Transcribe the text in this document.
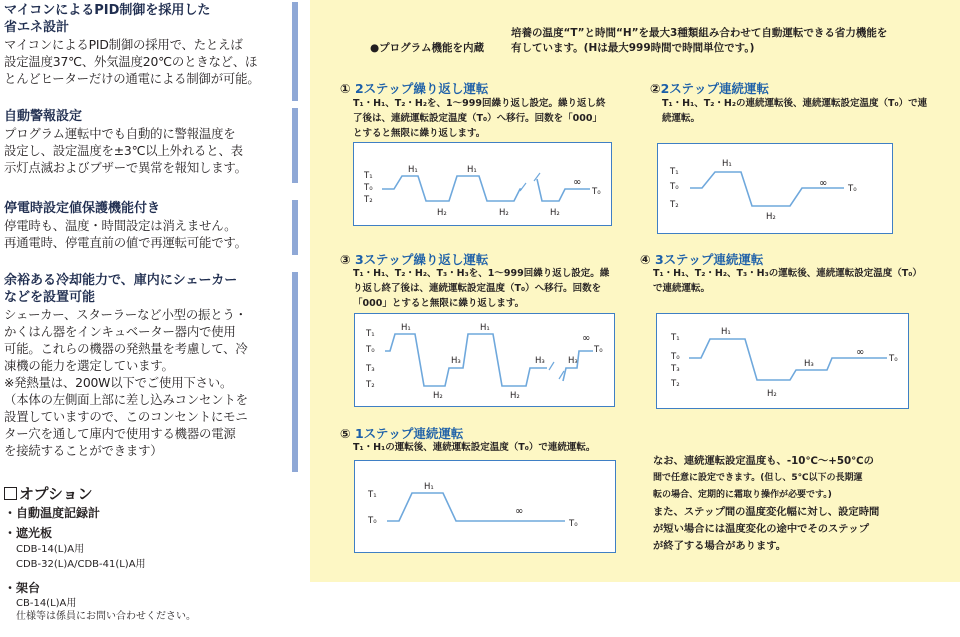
マイコンによるPID制御を採用した
省エネ設計
マイコンによるPID制御の採用で、たとえば
設定温度37℃、外気温度20℃のときなど、ほ
とんどヒーターだけの通電による制御が可能。
自動警報設定
プログラム運転中でも自動的に警報温度を
設定し、設定温度を±3℃以上外れると、表
示灯点滅およびブザーで異常を報知します。
停電時設定値保護機能付き
停電時も、温度・時間設定は消えません。
再通電時、停電直前の値で再運転可能です。
余裕ある冷却能力で、庫内にシェーカー
などを設置可能
シェーカー、スターラーなど小型の振とう・
かくはん器をインキュベーター器内で使用
可能。これらの機器の発熱量を考慮して、冷
凍機の能力を選定しています。
※発熱量は、200W以下でご使用下さい。
（本体の左側面上部に差し込みコンセントを
設置していますので、このコンセントにモニ
ター穴を通して庫内で使用する機器の電源
を接続することができます）
オプション
・自動温度記録計
・遮光板
CDB-14(L)A用
CDB-32(L)A/CDB-41(L)A用
・架台
CB-14(L)A用
仕様等は係員にお問い合わせください。
●プログラム機能を内蔵
培養の温度“T”と時間“H”を最大3種類組み合わせて自動運転できる省力機能を
有しています。(Hは最大999時間で時間単位です。)
① 2ステップ繰り返し運転
T₁・H₁、T₂・H₂を、1～999回繰り返し設定。繰り返し終
了後は、連続運転設定温度（T₀）へ移行。回数を「000」
とすると無限に繰り返します。
T₁
T₀
T₂
H₁	H₁
H₂	H₂	H₂
∞
T₀
②2ステップ連続運転
T₁・H₁、T₂・H₂の連続運転後、連続運転設定温度（T₀）で連
続運転。
T₁
T₀
T₂
H₁
H₂
∞ T₀
③ 3ステップ繰り返し運転
T₁・H₁、T₂・H₂、T₃・H₃を、1～999回繰り返し設定。繰
り返し終了後は、連続運転設定温度（T₀）へ移行。回数を
「000」とすると無限に繰り返します。
T₁
T₀
T₃
T₂
H₁	H₁
H₃	H₃	H₃
H₂	H₂
∞
T₀
④ 3ステップ連続運転
T₁・H₁、T₂・H₂、T₃・H₃の運転後、連続運転設定温度（T₀）
で連続運転。
T₁
T₀
T₃
T₂
H₁
H₂
H₃
∞
T₀
⑤ 1ステップ連続運転
T₁・H₁の運転後、連続運転設定温度（T₀）で連続運転。
T₁
T₀
H₁
∞
T₀
なお、連続運転設定温度も、-10℃～+50℃の
間で任意に設定できます。(但し、5℃以下の長期運
転の場合、定期的に霜取り操作が必要です。)
また、ステップ間の温度変化幅に対し、設定時間
が短い場合には温度変化の途中でそのステップ
が終了する場合があります。
